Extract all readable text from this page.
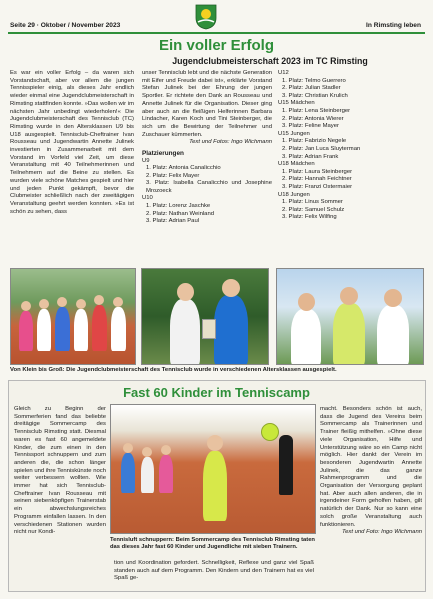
Seite 29 · Oktober / November 2023	In Rimsting leben
Ein voller Erfolg
Jugendclubmeisterschaft 2023 im TC Rimsting

Es war ein voller Erfolg – da waren sich Vorstandschaft, aber vor allem die jungen Tennisspieler einig, als dieses Jahr endlich wieder einmal eine Jugendclubmeisterschaft in Rimsting stattfinden konnte. »Das wollen wir im nächsten Jahr unbedingt wiederholen!« Die Jugendclubmeisterschaft des Tennisclub (TC) Rimsting wurde in den Altersklassen U9 bis U18 ausgespielt. Tennisclub-Cheftrainer Ivan Rousseau und Jugendwartin Annette Julinek investierten in Zusammenarbeit mit dem Vorstand im Vorfeld viel Zeit, um diese Veranstaltung mit 40 Teilnehmerinnen und Teilnehmern auf die Beine zu stellen. Es wurden viele schöne Matches gespielt und hier und jeden Punkt gekämpft, bevor die Clubmeister schließlich nach der zweitägigen Veranstaltung geehrt werden konnten. »Es ist schön zu sehen, dass

unser Tennisclub lebt und die nächste Generation mit Eifer und Freude dabei ist«, erklärte Vorstand Stefan Julinek bei der Ehrung der jungen Sportler. Er richtete den Dank an Rousseau und Annette Julinek für die Organisation. Dieser ging aber auch an die fleißigen Helferinnen Barbara Lindacher, Karen Koch und Tini Steinberger, die sich um die Bewirtung der Teilnehmer und Zuschauer kümmerten.

Text und Fotos: Ingo Wichmann
Platzierungen
U9
1. Platz: Antonia Canalicchio
2. Platz: Felix Mayer
3. Platz: Isabella Canalicchio und Josephine Mrozoeck
U10
1. Platz: Lorenz Jaschke
2. Platz: Nathan Weinland
3. Platz: Adrian Paul
U12
1. Platz: Telmo Guerrero
2. Platz: Julian Stadler
3. Platz: Christian Krulich
U15 Mädchen
1. Platz: Lena Steinberger
2. Platz: Antonia Wierer
3. Platz: Feline Mayer
U15 Jungen
1. Platz: Fabrizio Negele
2. Platz: Jan Luca Sluyterman
3. Platz: Adrian Frank
U18 Mädchen
1. Platz: Laura Steinberger
2. Platz: Hannah Feichtner
3. Platz: Franzi Ostermaier
U18 Jungen
1. Platz: Linus Sommer
2. Platz: Samuel Schulz
3. Platz: Felix Wilfing
Von Klein bis Groß: Die Jugendclubmeisterschaft des Tennisclub wurde in verschiedenen Altersklassen ausgespielt.
Fast 60 Kinder im Tenniscamp

Gleich zu Beginn der Sommerferien fand das beliebte dreitägige Sommercamp des Tennisclub Rimsting statt. Diesmal waren es fast 60 angemeldete Kinder, die zum einen in den Tennissport schnuppern und zum anderen die, die schon länger spielen und ihre Tenniskünste noch weiter verbessern wollten. Wie immer hat sich Tennisclub-Cheftrainer Ivan Rousseau mit seinen siebenköpfigen Trainerstab ein abwechslungsreiches Programm einfallen lassen. In den verschiedenen Stationen wurden nicht nur Kondi-

Tennisluft schnuppern: Beim Sommercamp des Tennisclub Rimsting taten das dieses Jahr fast 60 Kinder und Jugendliche mit sieben Trainern.

tion und Koordination gefordert. Schnelligkeit, Reflexe und ganz viel Spaß standen auch auf dem Programm. Den Kindern und den Trainern hat es viel Spaß ge-

macht. Besonders schön ist auch, dass die Jugend des Vereins beim Sommercamp als Trainerinnen und Trainer fleißig mithelfen. »Ohne diese viele Organisation, Hilfe und Unterstützung wäre so ein Camp nicht möglich. Hier dankt der Verein im besonderen Jugendwartin Annette Julinek, die das ganze Rahmenprogramm und die Organisation der Versorgung geplant hat. Aber auch allen anderen, die in irgendeiner Form geholfen haben, gilt natürlich der Dank. Nur so kann eine solch große Veranstaltung auch funktionieren.

Text und Foto: Ingo Wichmann
